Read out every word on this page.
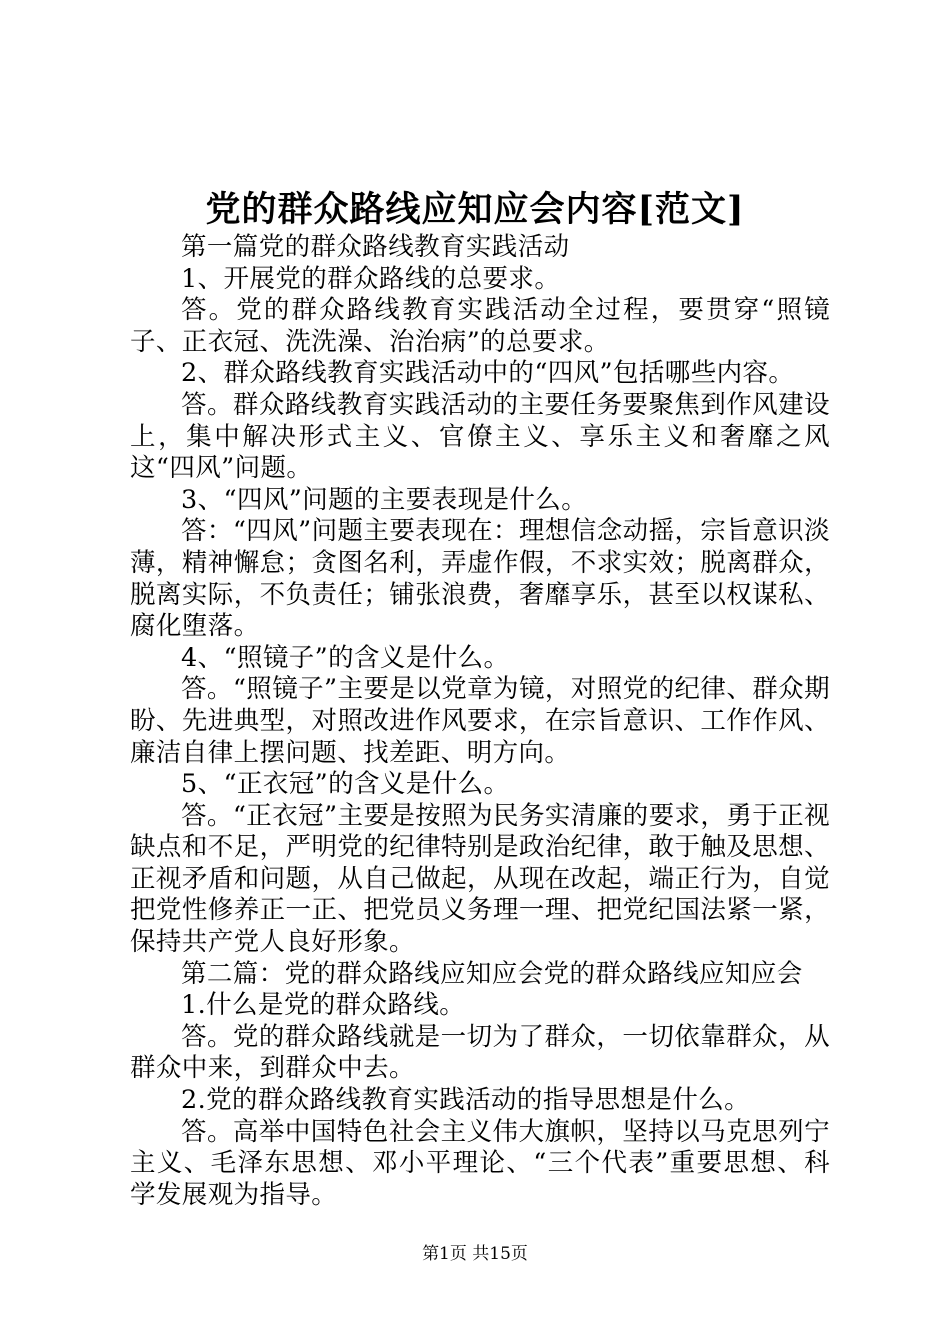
党的群众路线应知应会内容[范文]

第一篇党的群众路线教育实践活动

1、开展党的群众路线的总要求。

答。党的群众路线教育实践活动全过程，要贯穿“照镜子、正衣冠、洗洗澡、治治病”的总要求。

2、群众路线教育实践活动中的“四风”包括哪些内容。

答。群众路线教育实践活动的主要任务要聚焦到作风建设上，集中解决形式主义、官僚主义、享乐主义和奢靡之风这“四风”问题。

3、“四风”问题的主要表现是什么。

答：“四风”问题主要表现在：理想信念动摇，宗旨意识淡薄，精神懈怠；贪图名利，弄虚作假，不求实效；脱离群众，脱离实际，不负责任；铺张浪费，奢靡享乐，甚至以权谋私、腐化堕落。

4、“照镜子”的含义是什么。

答。“照镜子”主要是以党章为镜，对照党的纪律、群众期盼、先进典型，对照改进作风要求，在宗旨意识、工作作风、廉洁自律上摆问题、找差距、明方向。

5、“正衣冠”的含义是什么。

答。“正衣冠”主要是按照为民务实清廉的要求，勇于正视缺点和不足，严明党的纪律特别是政治纪律，敢于触及思想、正视矛盾和问题，从自己做起，从现在改起，端正行为，自觉把党性修养正一正、把党员义务理一理、把党纪国法紧一紧，保持共产党人良好形象。

第二篇：党的群众路线应知应会党的群众路线应知应会

1.什么是党的群众路线。

答。党的群众路线就是一切为了群众，一切依靠群众，从群众中来，到群众中去。

2.党的群众路线教育实践活动的指导思想是什么。

答。高举中国特色社会主义伟大旗帜，坚持以马克思列宁主义、毛泽东思想、邓小平理论、“三个代表”重要思想、科学发展观为指导。

第1页 共15页
